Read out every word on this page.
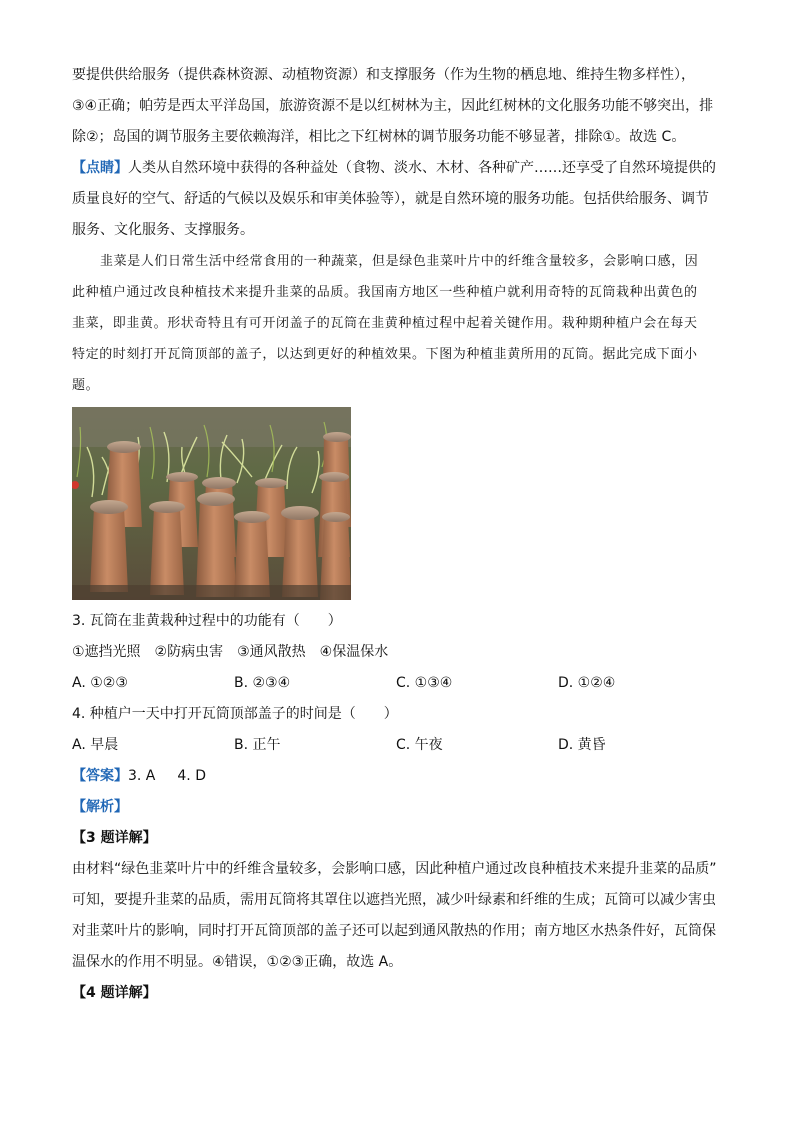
要提供供给服务（提供森林资源、动植物资源）和支撑服务（作为生物的栖息地、维持生物多样性），
③④正确；帕劳是西太平洋岛国，旅游资源不是以红树林为主，因此红树林的文化服务功能不够突出，排
除②；岛国的调节服务主要依赖海洋，相比之下红树林的调节服务功能不够显著，排除①。故选 C。
【点睛】人类从自然环境中获得的各种益处（食物、淡水、木材、各种矿产……还享受了自然环境提供的
质量良好的空气、舒适的气候以及娱乐和审美体验等），就是自然环境的服务功能。包括供给服务、调节
服务、文化服务、支撑服务。
韭菜是人们日常生活中经常食用的一种蔬菜，但是绿色韭菜叶片中的纤维含量较多，会影响口感，因
此种植户通过改良种植技术来提升韭菜的品质。我国南方地区一些种植户就利用奇特的瓦筒栽种出黄色的
韭菜，即韭黄。形状奇特且有可开闭盖子的瓦筒在韭黄种植过程中起着关键作用。栽种期种植户会在每天
特定的时刻打开瓦筒顶部的盖子，以达到更好的种植效果。下图为种植韭黄所用的瓦筒。据此完成下面小
题。
3. 瓦筒在韭黄栽种过程中的功能有（　　）
①遮挡光照　②防病虫害　③通风散热　④保温保水
A. ①②③	B. ②③④	C. ①③④	D. ①②④
4. 种植户一天中打开瓦筒顶部盖子的时间是（　　）
A. 早晨	B. 正午	C. 午夜	D. 黄昏
【答案】3. A 4. D
【解析】
【3 题详解】
由材料“绿色韭菜叶片中的纤维含量较多，会影响口感，因此种植户通过改良种植技术来提升韭菜的品质”
可知，要提升韭菜的品质，需用瓦筒将其罩住以遮挡光照，减少叶绿素和纤维的生成；瓦筒可以减少害虫
对韭菜叶片的影响，同时打开瓦筒顶部的盖子还可以起到通风散热的作用；南方地区水热条件好，瓦筒保
温保水的作用不明显。④错误，①②③正确，故选 A。
【4 题详解】
